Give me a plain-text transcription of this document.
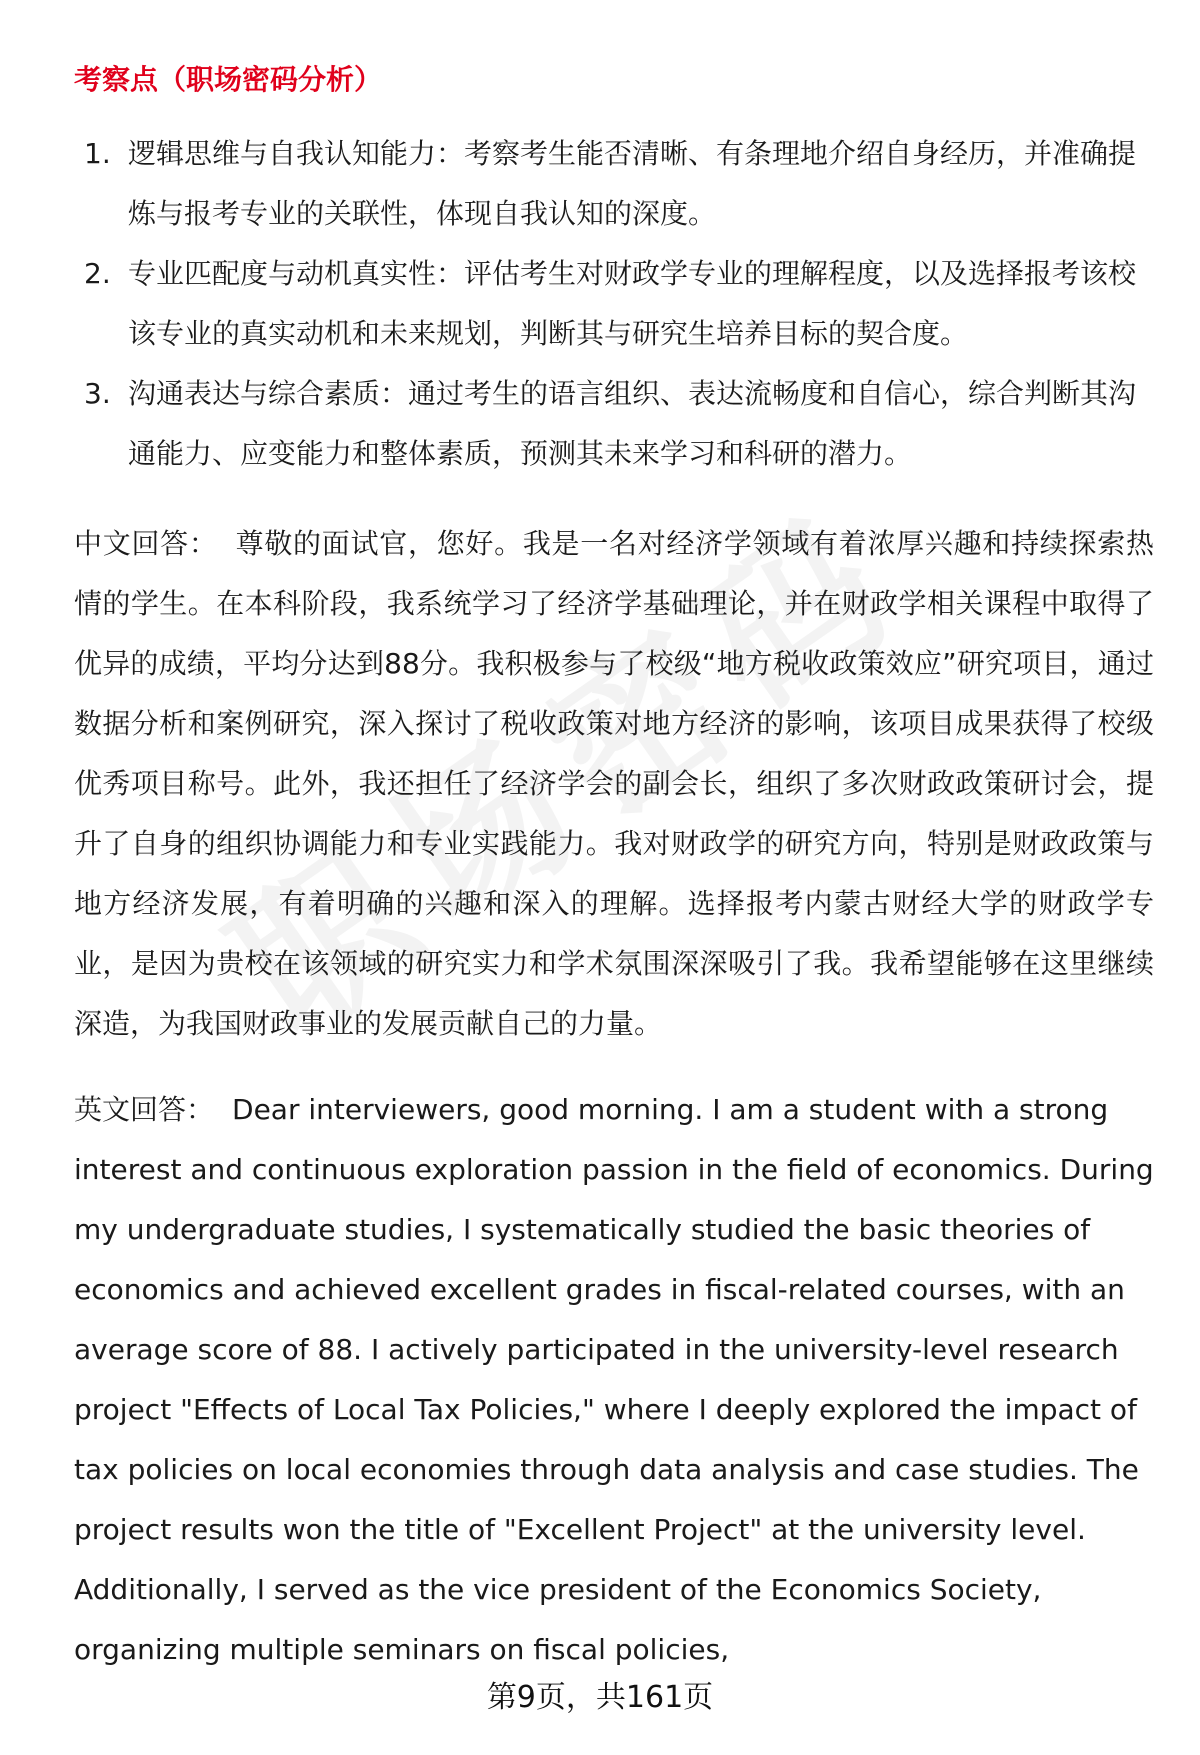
考察点（职场密码分析）
1. 逻辑思维与自我认知能力：考察考生能否清晰、有条理地介绍自身经历，并准确提炼与报考专业的关联性，体现自我认知的深度。
2. 专业匹配度与动机真实性：评估考生对财政学专业的理解程度，以及选择报考该校该专业的真实动机和未来规划，判断其与研究生培养目标的契合度。
3. 沟通表达与综合素质：通过考生的语言组织、表达流畅度和自信心，综合判断其沟通能力、应变能力和整体素质，预测其未来学习和科研的潜力。

中文回答： 尊敬的面试官，您好。我是一名对经济学领域有着浓厚兴趣和持续探索热情的学生。在本科阶段，我系统学习了经济学基础理论，并在财政学相关课程中取得了优异的成绩，平均分达到88分。我积极参与了校级“地方税收政策效应”研究项目，通过数据分析和案例研究，深入探讨了税收政策对地方经济的影响，该项目成果获得了校级优秀项目称号。此外，我还担任了经济学会的副会长，组织了多次财政政策研讨会，提升了自身的组织协调能力和专业实践能力。我对财政学的研究方向，特别是财政政策与地方经济发展，有着明确的兴趣和深入的理解。选择报考内蒙古财经大学的财政学专业，是因为贵校在该领域的研究实力和学术氛围深深吸引了我。我希望能够在这里继续深造，为我国财政事业的发展贡献自己的力量。

英文回答： Dear interviewers, good morning. I am a student with a strong interest and continuous exploration passion in the field of economics. During my undergraduate studies, I systematically studied the basic theories of economics and achieved excellent grades in fiscal-related courses, with an average score of 88. I actively participated in the university-level research project "Effects of Local Tax Policies," where I deeply explored the impact of tax policies on local economies through data analysis and case studies. The project results won the title of "Excellent Project" at the university level. Additionally, I served as the vice president of the Economics Society, organizing multiple seminars on fiscal policies,

第9页，共161页
